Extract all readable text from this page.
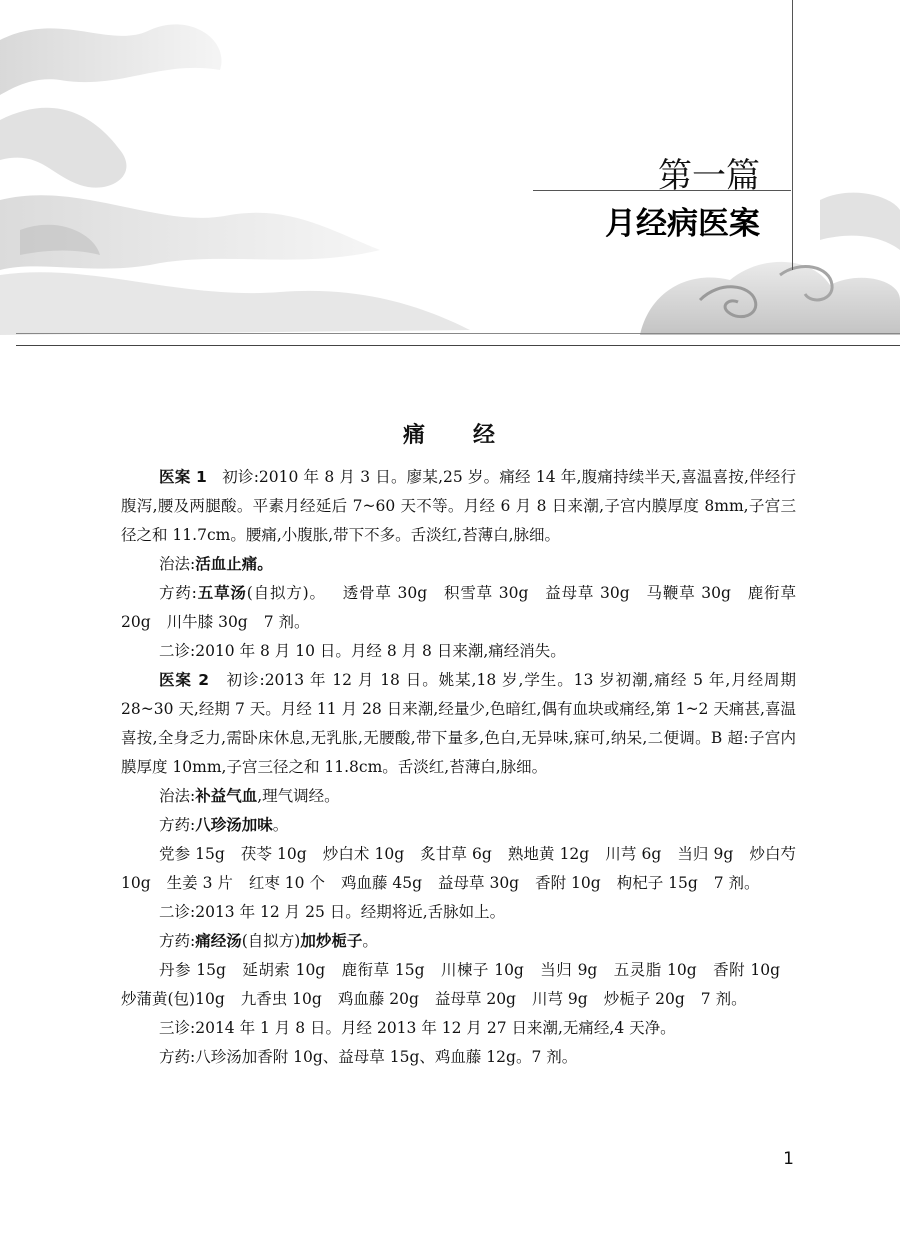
第一篇
月经病医案
痛 经

医案 1 初诊:2010 年 8 月 3 日。廖某,25 岁。痛经 14 年,腹痛持续半天,喜温喜按,伴经行腹泻,腰及两腿酸。平素月经延后 7~60 天不等。月经 6 月 8 日来潮,子宫内膜厚度 8mm,子宫三径之和 11.7cm。腰痛,小腹胀,带下不多。舌淡红,苔薄白,脉细。

治法:活血止痛。

方药:五草汤(自拟方)。 透骨草 30g 积雪草 30g 益母草 30g 马鞭草 30g 鹿衔草 20g 川牛膝 30g 7 剂。

二诊:2010 年 8 月 10 日。月经 8 月 8 日来潮,痛经消失。

医案 2 初诊:2013 年 12 月 18 日。姚某,18 岁,学生。13 岁初潮,痛经 5 年,月经周期 28~30 天,经期 7 天。月经 11 月 28 日来潮,经量少,色暗红,偶有血块或痛经,第 1~2 天痛甚,喜温喜按,全身乏力,需卧床休息,无乳胀,无腰酸,带下量多,色白,无异味,寐可,纳呆,二便调。B 超:子宫内膜厚度 10mm,子宫三径之和 11.8cm。舌淡红,苔薄白,脉细。

治法:补益气血,理气调经。

方药:八珍汤加味。

党参 15g 茯苓 10g 炒白术 10g 炙甘草 6g 熟地黄 12g 川芎 6g 当归 9g 炒白芍 10g 生姜 3 片 红枣 10 个 鸡血藤 45g 益母草 30g 香附 10g 枸杞子 15g 7 剂。

二诊:2013 年 12 月 25 日。经期将近,舌脉如上。

方药:痛经汤(自拟方)加炒栀子。

丹参 15g 延胡索 10g 鹿衔草 15g 川楝子 10g 当归 9g 五灵脂 10g 香附 10g炒蒲黄(包)10g 九香虫 10g 鸡血藤 20g 益母草 20g 川芎 9g 炒栀子 20g 7 剂。

三诊:2014 年 1 月 8 日。月经 2013 年 12 月 27 日来潮,无痛经,4 天净。

方药:八珍汤加香附 10g、益母草 15g、鸡血藤 12g。7 剂。

1
